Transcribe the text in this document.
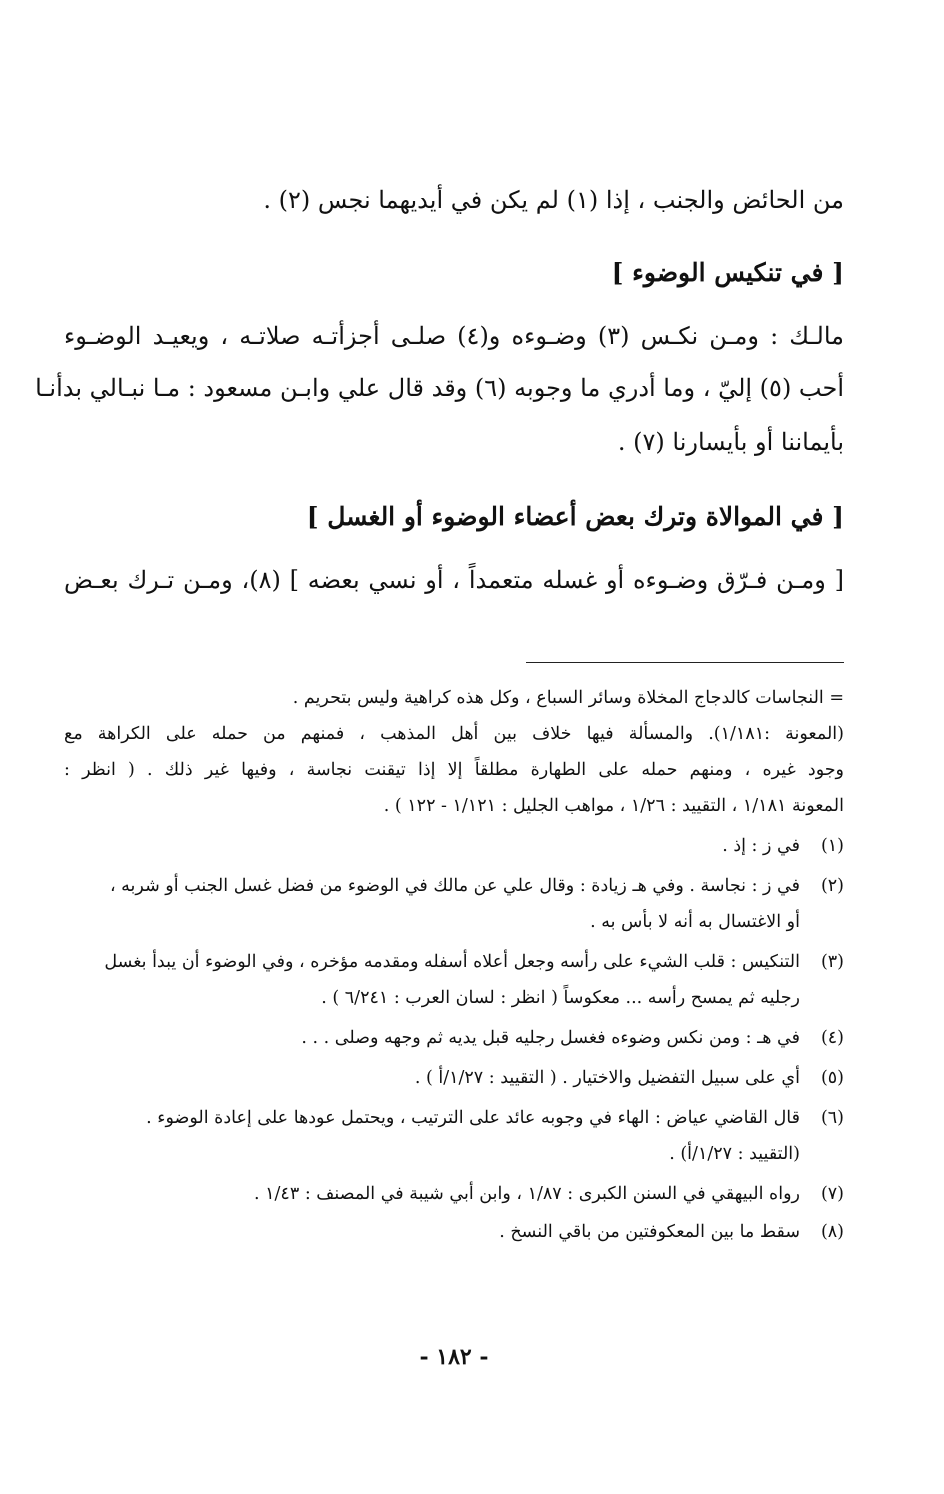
من الحائض والجنب ، إذا (١) لم يكن في أيديهما نجس (٢) .
[ في تنكيس الوضوء ]
مالـك : ومـن نكـس (٣) وضـوءه و(٤) صلـى أجزأتـه صلاتـه ، ويعيـد الوضـوء
أحب (٥) إليّ ، وما أدري ما وجوبه (٦) وقد قال علي وابـن مسعود : مـا نبـالي بدأنـا
بأيماننا أو بأيسارنا (٧) .
[ في الموالاة وترك بعض أعضاء الوضوء أو الغسل ]
[ ومـن فـرّق وضـوءه أو غسله متعمداً ، أو نسي بعضه ] (٨)، ومـن تـرك بعـض
= النجاسات كالدجاج المخلاة وسائر السباع ، وكل هذه كراهية وليس بتحريم .
(المعونة :١/١٨١). والمسألة فيها خلاف بين أهل المذهب ، فمنهم من حمله على الكراهة مع
وجود غيره ، ومنهم حمله على الطهارة مطلقاً إلا إذا تيقنت نجاسة ، وفيها غير ذلك . ( انظر :
المعونة ١/١٨١ ، التقييد : ١/٢٦ ، مواهب الجليل : ١/١٢١ - ١٢٢ ) .
(١)في ز : إذ .
(٢)في ز : نجاسة . وفي هـ زيادة : وقال علي عن مالك في الوضوء من فضل غسل الجنب أو شربه ،
أو الاغتسال به أنه لا بأس به .
(٣)التنكيس : قلب الشيء على رأسه وجعل أعلاه أسفله ومقدمه مؤخره ، وفي الوضوء أن يبدأ بغسل
رجليه ثم يمسح رأسه ... معكوساً ( انظر : لسان العرب : ٦/٢٤١ ) .
(٤)في هـ : ومن نكس وضوءه فغسل رجليه قبل يديه ثم وجهه وصلى . . .
(٥)أي على سبيل التفضيل والاختيار . ( التقييد : ١/٢٧/أ ) .
(٦)قال القاضي عياض : الهاء في وجوبه عائد على الترتيب ، ويحتمل عودها على إعادة الوضوء .
(التقييد : ١/٢٧/أ) .
(٧)رواه البيهقي في السنن الكبرى : ١/٨٧ ، وابن أبي شيبة في المصنف : ١/٤٣ .
(٨)سقط ما بين المعكوفتين من باقي النسخ .
- ١٨٢ -
